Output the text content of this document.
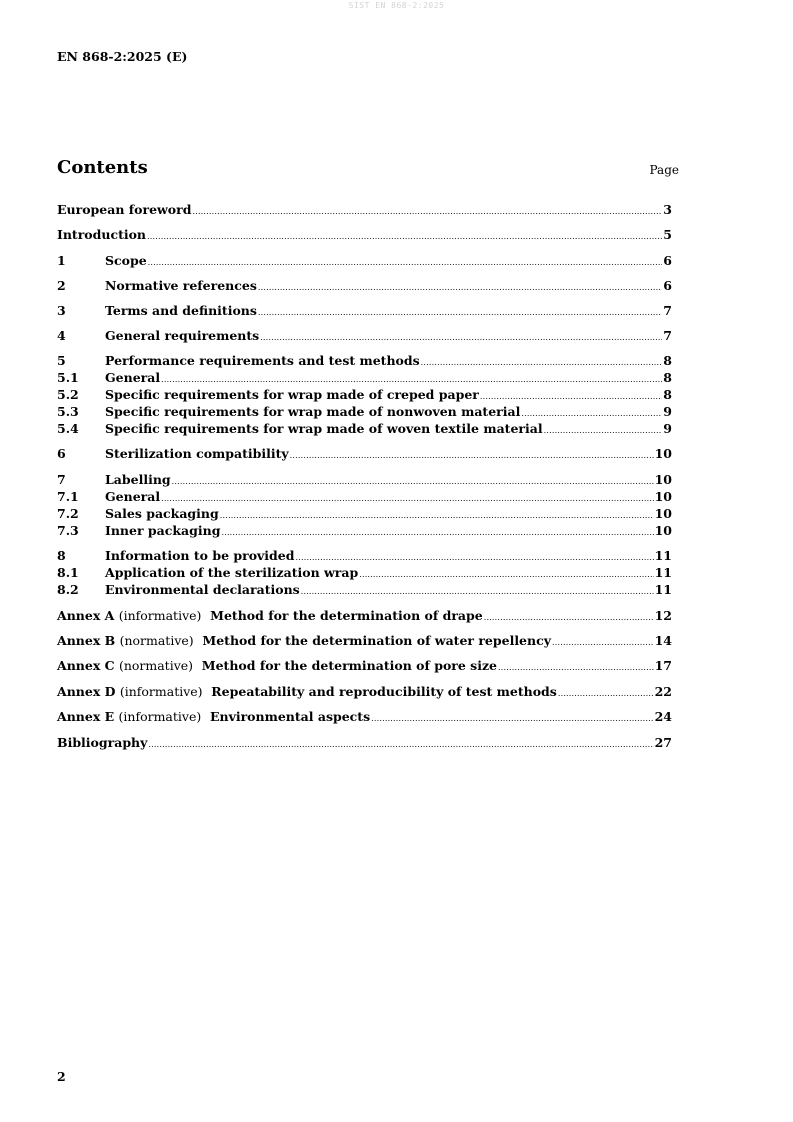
SIST EN 868-2:2025
EN 868-2:2025 (E)
Contents	Page
European foreword .....	3
Introduction .....	5
1	Scope .....	6
2	Normative references .....	6
3	Terms and definitions .....	7
4	General requirements .....	7
5	Performance requirements and test methods .....	8
5.1	General .....	8
5.2	Specific requirements for wrap made of creped paper .....	8
5.3	Specific requirements for wrap made of nonwoven material .....	9
5.4	Specific requirements for wrap made of woven textile material .....	9
6	Sterilization compatibility .....	10
7	Labelling .....	10
7.1	General .....	10
7.2	Sales packaging .....	10
7.3	Inner packaging .....	10
8	Information to be provided .....	11
8.1	Application of the sterilization wrap .....	11
8.2	Environmental declarations .....	11
Annex A (informative) Method for the determination of drape .....	12
Annex B (normative) Method for the determination of water repellency .....	14
Annex C (normative) Method for the determination of pore size .....	17
Annex D (informative) Repeatability and reproducibility of test methods .....	22
Annex E (informative) Environmental aspects .....	24
Bibliography .....	27
2
